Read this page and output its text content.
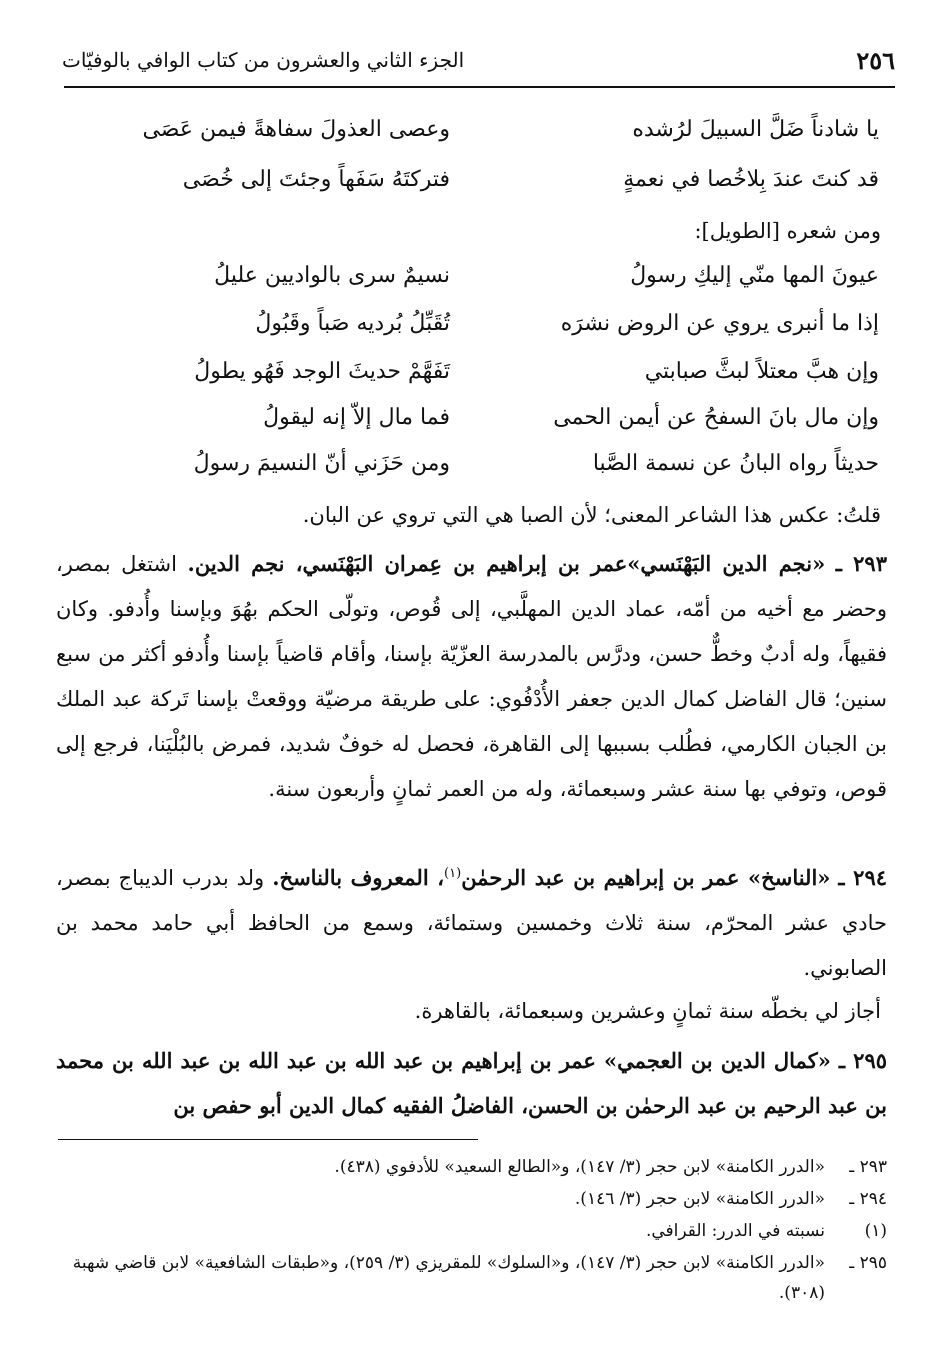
٢٥٦
الجزء الثاني والعشرون من كتاب الوافي بالوفيّات
يا شادناً ضَلَّ السبيلَ لرُشده
وعصى العذولَ سفاهةً فيمن عَصَى
قد كنتَ عندَ بِلاخُصا في نعمةٍ
فتركتَهُ سَفَهاً وجئتَ إلى خُصَى
ومن شعره [الطويل]:
عيونَ المها منّي إليكِ رسولُ
نسيمٌ سرى بالواديين عليلُ
إذا ما أنبرى يروي عن الروض نشرَه
تُقَبِّلُ بُرديه صَباً وقَبُولُ
وإن هبَّ معتلاً لبثَّ صبابتي
تَفَهَّمْ حديثَ الوجد فَهُو يطولُ
وإن مال بانَ السفحُ عن أيمن الحمى
فما مال إلاّ إنه ليقولُ
حديثاً رواه البانُ عن نسمة الصَّبا
ومن حَزَني أنّ النسيمَ رسولُ
قلتُ: عكس هذا الشاعر المعنى؛ لأن الصبا هي التي تروي عن البان.
٢٩٣ ـ «نجم الدين البَهْنَسي»عمر بن إبراهيم بن عِمران البَهْنَسي، نجم الدين. اشتغل بمصر، وحضر مع أخيه من أمّه، عماد الدين المهلَّبي، إلى قُوص، وتولّى الحكم بهُوَ وبإسنا وأُدفو. وكان فقيهاً، وله أدبٌ وخطٌّ حسن، ودرَّس بالمدرسة العزّيّة بإسنا، وأقام قاضياً بإسنا وأُدفو أكثر من سبع سنين؛ قال الفاضل كمال الدين جعفر الأُدْفُوي: على طريقة مرضيّة ووقعتْ بإسنا تَركة عبد الملك بن الجبان الكارمي، فطُلب بسببها إلى القاهرة، فحصل له خوفٌ شديد، فمرض بالبُلْيَنا، فرجع إلى قوص، وتوفي بها سنة عشر وسبعمائة، وله من العمر ثمانٍ وأربعون سنة.
٢٩٤ ـ «الناسخ» عمر بن إبراهيم بن عبد الرحمٰن$^{(١)}$، المعروف بالناسخ. ولد بدرب الديباج بمصر، حادي عشر المحرّم، سنة ثلاث وخمسين وستمائة، وسمع من الحافظ أبي حامد محمد بن الصابوني.
أجاز لي بخطّه سنة ثمانٍ وعشرين وسبعمائة، بالقاهرة.
٢٩٥ ـ «كمال الدين بن العجمي» عمر بن إبراهيم بن عبد الله بن عبد الله بن عبد الله بن محمد بن عبد الرحيم بن عبد الرحمٰن بن الحسن، الفاضلُ الفقيه كمال الدين أبو حفص بن
٢٩٣ ـ
«الدرر الكامنة» لابن حجر (٣/ ١٤٧)، و«الطالع السعيد» للأدفوي (٤٣٨).
٢٩٤ ـ
«الدرر الكامنة» لابن حجر (٣/ ١٤٦).
(١)
نسبته في الدرر: القرافي.
٢٩٥ ـ
«الدرر الكامنة» لابن حجر (٣/ ١٤٧)، و«السلوك» للمقريزي (٣/ ٢٥٩)، و«طبقات الشافعية» لابن قاضي شهبة (٣٠٨).
